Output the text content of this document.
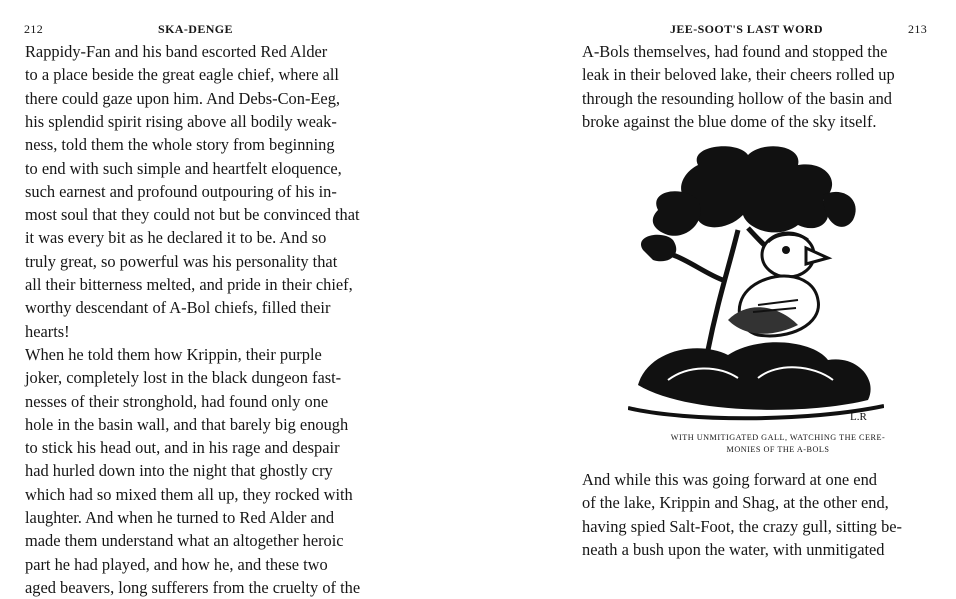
212	SKA-DENGE
Rappidy-Fan and his band escorted Red Alder
to a place beside the great eagle chief, where all
there could gaze upon him. And Debs-Con-Eeg,
his splendid spirit rising above all bodily weak-
ness, told them the whole story from beginning
to end with such simple and heartfelt eloquence,
such earnest and profound outpouring of his in-
most soul that they could not but be convinced that
it was every bit as he declared it to be. And so
truly great, so powerful was his personality that
all their bitterness melted, and pride in their chief,
worthy descendant of A-Bol chiefs, filled their
hearts!
When he told them how Krippin, their purple
joker, completely lost in the black dungeon fast-
nesses of their stronghold, had found only one
hole in the basin wall, and that barely big enough
to stick his head out, and in his rage and despair
had hurled down into the night that ghostly cry
which had so mixed them all up, they rocked with
laughter. And when he turned to Red Alder and
made them understand what an altogether heroic
part he had played, and how he, and these two
aged beavers, long sufferers from the cruelty of the
JEE-SOOT'S LAST WORD	213
A-Bols themselves, had found and stopped the
leak in their beloved lake, their cheers rolled up
through the resounding hollow of the basin and
broke against the blue dome of the sky itself.
L.R
WITH UNMITIGATED GALL, WATCHING THE CERE-
MONIES OF THE A-BOLS
And while this was going forward at one end
of the lake, Krippin and Shag, at the other end,
having spied Salt-Foot, the crazy gull, sitting be-
neath a bush upon the water, with unmitigated
